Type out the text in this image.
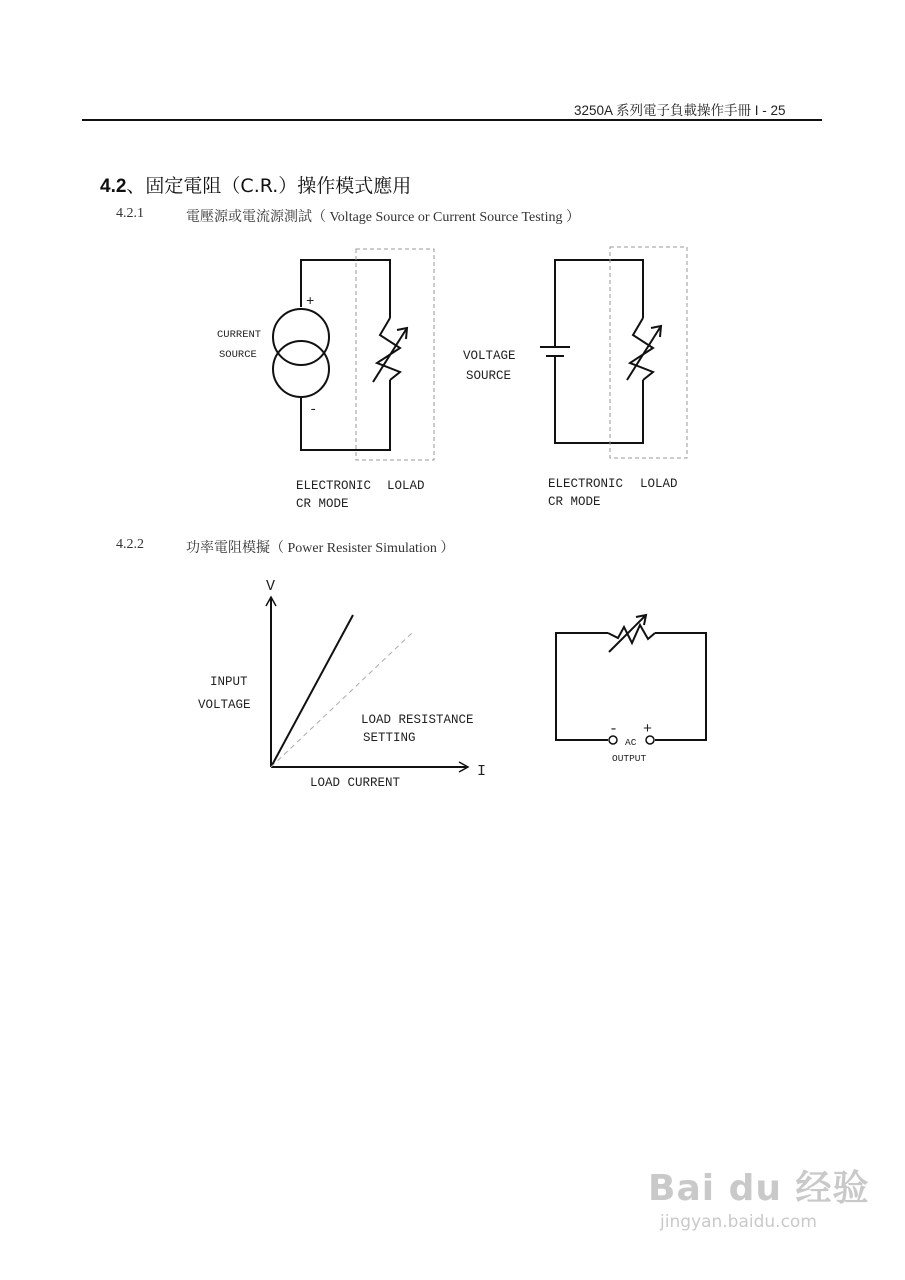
3250A 系列電子負載操作手冊 I - 25
4.2、固定電阻（C.R.）操作模式應用
4.2.1	電壓源或電流源測試（ Voltage Source or Current Source Testing ）
4.2.2	功率電阻模擬（ Power Resister Simulation ）
+
-
CURRENT
SOURCE
ELECTRONIC LOLAD
CR MODE
VOLTAGE
SOURCE
ELECTRONIC LOLAD
CR MODE
V
I
INPUT
VOLTAGE
LOAD RESISTANCE
SETTING
LOAD CURRENT
- +
AC
OUTPUT
Bai du 经验
jingyan.baidu.com
